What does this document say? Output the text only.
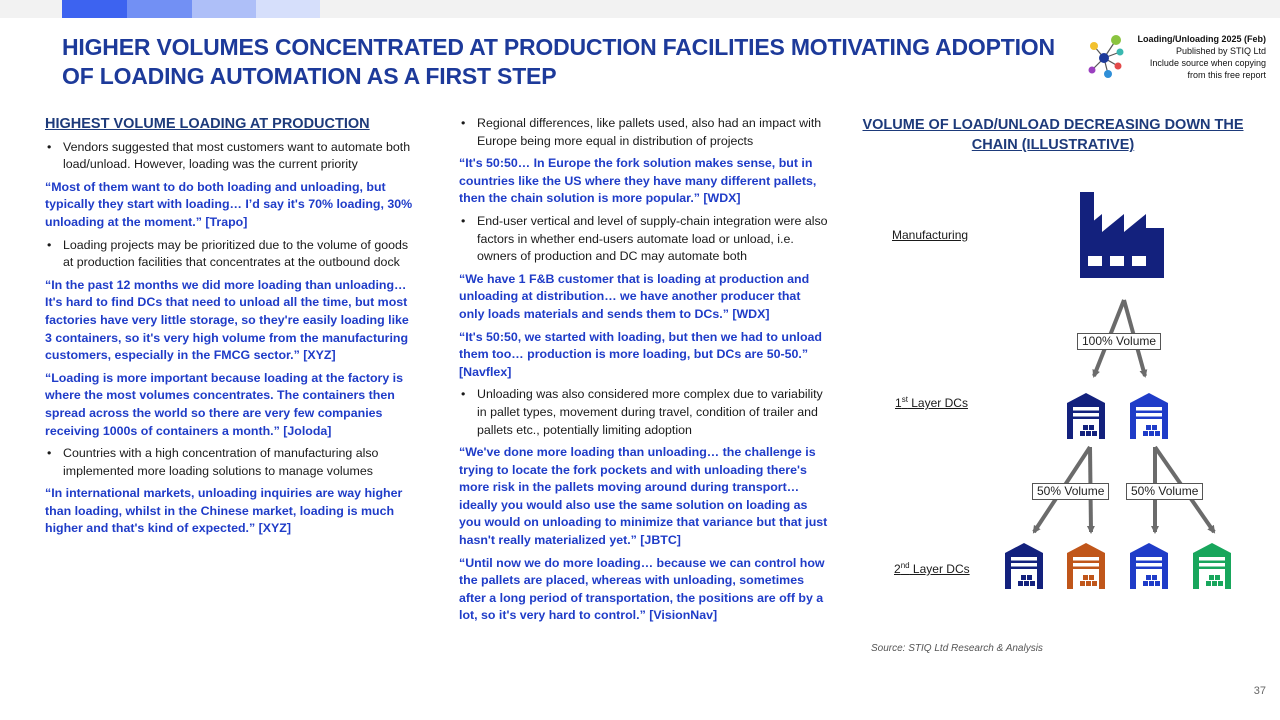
HIGHER VOLUMES CONCENTRATED AT PRODUCTION FACILITIES MOTIVATING ADOPTION OF LOADING AUTOMATION AS A FIRST STEP
Loading/Unloading 2025 (Feb)
Published by STIQ Ltd
Include source when copying
from this free report
HIGHEST VOLUME LOADING AT PRODUCTION
• Vendors suggested that most customers want to automate both load/unload. However, loading was the current priority
“Most of them want to do both loading and unloading, but typically they start with loading… I’d say it's 70% loading, 30% unloading at the moment.” [Trapo]
• Loading projects may be prioritized due to the volume of goods at production facilities that concentrates at the outbound dock
“In the past 12 months we did more loading than unloading…It's hard to find DCs that need to unload all the time, but most factories have very little storage, so they're easily loading like 3 containers, so it's very high volume from the manufacturing customers, especially in the FMCG sector.” [XYZ]
“Loading is more important because loading at the factory is where the most volumes concentrates. The containers then spread across the world so there are very few companies receiving 1000s of containers a month.” [Joloda]
• Countries with a high concentration of manufacturing also implemented more loading solutions to manage volumes
“In international markets, unloading inquiries are way higher than loading, whilst in the Chinese market, loading is much higher and that's kind of expected.” [XYZ]
• Regional differences, like pallets used, also had an impact with Europe being more equal in distribution of projects
“It's 50:50… In Europe the fork solution makes sense, but in countries like the US where they have many different pallets, then the chain solution is more popular.” [WDX]
• End-user vertical and level of supply-chain integration were also factors in whether end-users automate load or unload, i.e. owners of production and DC may automate both
“We have 1 F&B customer that is loading at production and unloading at distribution… we have another producer that only loads materials and sends them to DCs.” [WDX]
“It's 50:50, we started with loading, but then we had to unload them too… production is more loading, but DCs are 50-50.” [Navflex]
• Unloading was also considered more complex due to variability in pallet types, movement during travel, condition of trailer and pallets etc., potentially limiting adoption
“We've done more loading than unloading… the challenge is trying to locate the fork pockets and with unloading there's more risk in the pallets moving around during transport… ideally you would also use the same solution on loading as you would on unloading to minimize that variance but that just hasn't really materialized yet.” [JBTC]
“Until now we do more loading… because we can control how the pallets are placed, whereas with unloading, sometimes after a long period of transportation, the positions are off by a lot, so it's very hard to control.” [VisionNav]
VOLUME OF LOAD/UNLOAD DECREASING DOWN THE CHAIN (ILLUSTRATIVE)
Manufacturing
1st Layer DCs
2nd Layer DCs
100% Volume
50% Volume	50% Volume
Source: STIQ Ltd Research & Analysis
37
